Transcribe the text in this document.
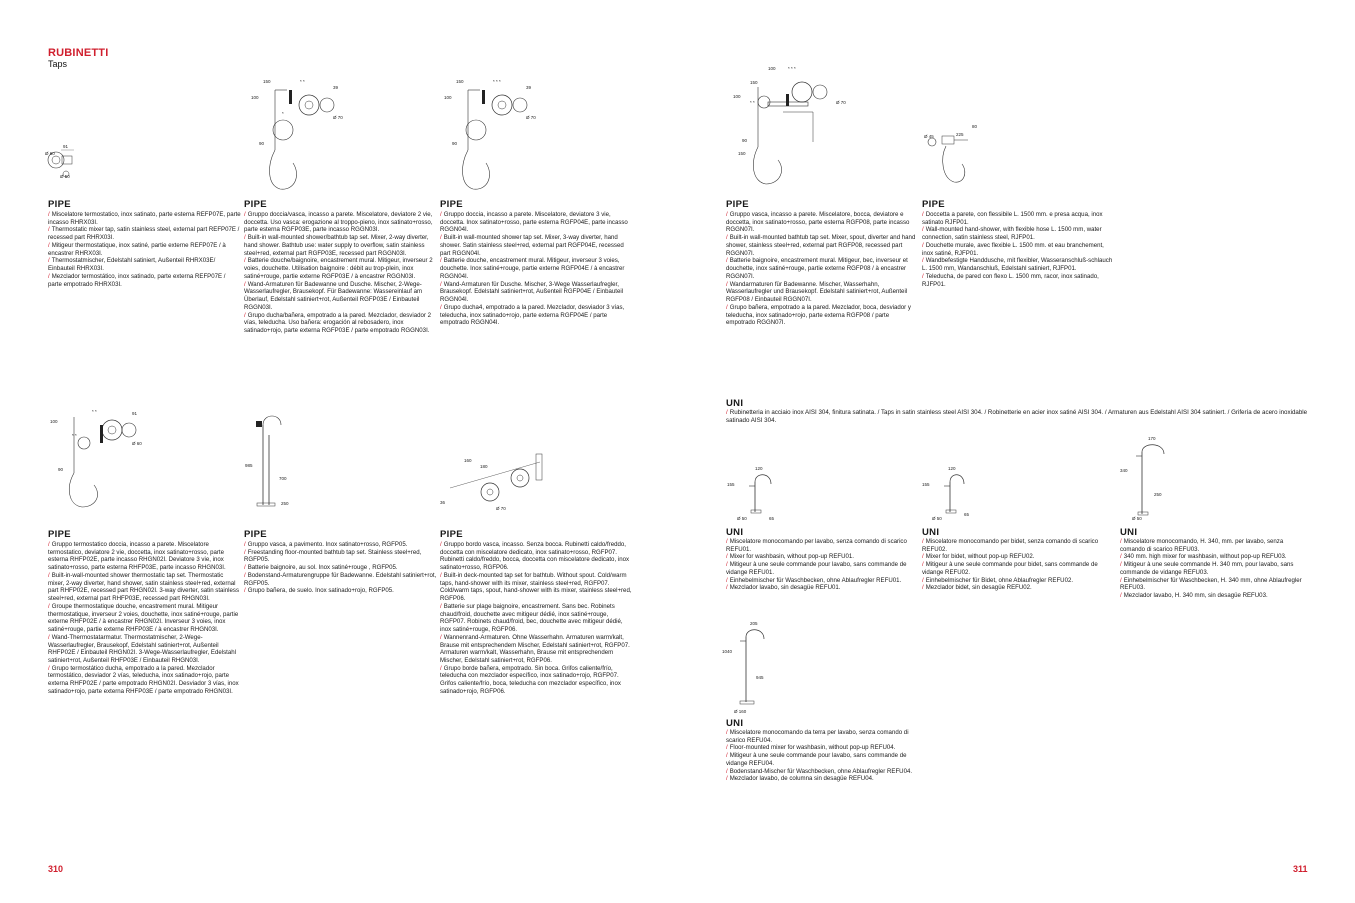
RUBINETTI
Taps
91
Ø 60
Ø 50
* *
*
100
150
39
Ø 70
90
* * *
100
150
39
Ø 70
90
* * *
* *
100
100
150
150
90
Ø 70
Ø 45
80
225
* *
* *
100
91
Ø 60
90
985
700
250
160
180
36
Ø 70
120
155
Ø 50	65
120
155
Ø 50
65
170
340
250
Ø 50
205
1040
945
Ø 160
PIPE
/ Miscelatore termostatico, inox satinato, parte esterna REFP07E, parte incasso RHRX03I.
/ Thermostatic mixer tap, satin stainless steel, external part REFP07E / recessed part RHRX03I.
/ Mitigeur thermostatique, inox satiné, partie externe REFP07E / à encastrer RHRX03I.
/ Thermostatmischer, Edelstahl satiniert, Außenteil RHRX03E/ Einbauteil RHRX03I.
/ Mezclador termostático, inox satinado, parte externa REFP07E / parte empotrado RHRX03I.
PIPE
/ Gruppo doccia/vasca, incasso a parete. Miscelatore, deviatore 2 vie, doccetta. Uso vasca: erogazione al troppo-pieno, inox satinato+rosso, parte esterna RGFP03E, parte incasso RGGN03I.
/ Built-in wall-mounted shower/bathtub tap set. Mixer, 2-way diverter, hand shower. Bathtub use: water supply to overflow, satin stainless steel+red, external part RGFP03E, recessed part RGGN03I.
/ Batterie douche/baignoire, encastrement mural. Mitigeur, inverseur 2 voies, douchette. Utilisation baignoire : débit au trop-plein, inox satiné+rouge, partie externe RGFP03E / à encastrer RGGN03I.
/ Wand-Armaturen für Badewanne und Dusche. Mischer, 2-Wege-Wasserlaufregler, Brausekopf. Für Badewanne: Wassereinlauf am Überlauf, Edelstahl satiniert+rot, Außenteil RGFP03E / Einbauteil RGGN03I.
/ Grupo ducha/bañera, empotrado a la pared. Mezclador, desviador 2 vías, teleducha. Uso bañera: erogación al rebosadero, inox satinado+rojo, parte externa RGFP03E / parte empotrado RGGN03I.
PIPE
/ Gruppo doccia, incasso a parete. Miscelatore, deviatore 3 vie, doccetta. Inox satinato+rosso, parte esterna RGFP04E, parte incasso RGGN04I.
/ Built-in wall-mounted shower tap set. Mixer, 3-way diverter, hand shower. Satin stainless steel+red, external part RGFP04E, recessed part RGGN04I.
/ Batterie douche, encastrement mural. Mitigeur, inverseur 3 voies, douchette. Inox satiné+rouge, partie externe RGFP04E / à encastrer RGGN04I.
/ Wand-Armaturen für Dusche. Mischer, 3-Wege Wasserlaufregler, Brausekopf. Edelstahl satiniert+rot, Außenteil RGFP04E / Einbauteil RGGN04I.
/ Grupo ducha4, empotrado a la pared. Mezclador, desviador 3 vías, teleducha, inox satinado+rojo, parte externa RGFP04E / parte empotrado RGGN04I.
PIPE
/ Gruppo termostatico doccia, incasso a parete. Miscelatore termostatico, deviatore 2 vie, doccetta, inox satinato+rosso, parte esterna RHFP02E, parte incasso RHGN02I. Deviatore 3 vie, inox satinato+rosso, parte esterna RHFP03E, parte incasso RHGN03I.
/ Built-in-wall-mounted shower thermostatic tap set. Thermostatic mixer, 2-way diverter, hand shower, satin stainless steel+red, external part RHFP02E, recessed part RHGN02I. 3-way diverter, satin stainless steel+red, external part RHFP03E, recessed part RHGN03I.
/ Groupe thermostatique douche, encastrement mural. Mitigeur thermostatique, inverseur 2 voies, douchette, inox satiné+rouge, partie externe RHFP02E / à encastrer RHGN02I. Inverseur 3 voies, inox satiné+rouge, partie externe RHFP03E / à encastrer RHGN03I.
/ Wand-Thermostatarmatur. Thermostatmischer, 2-Wege-Wasserlaufregler, Brausekopf, Edelstahl satiniert+rot, Außenteil RHFP02E / Einbauteil RHGN02I. 3-Wege-Wasserlaufregler, Edelstahl satiniert+rot, Außenteil RHFP03E / Einbauteil RHGN03I.
/ Grupo termostático ducha, empotrado a la pared. Mezclador termostático, desviador 2 vías, teleducha, inox satinado+rojo, parte externa RHFP02E / parte empotrado RHGN02I. Desviador 3 vías, inox satinado+rojo, parte externa RHFP03E / parte empotrado RHGN03I.
PIPE
/ Gruppo vasca, a pavimento. Inox satinato+rosso, RGFP05.
/ Freestanding floor-mounted bathtub tap set. Stainless steel+red, RGFP05.
/ Batterie baignoire, au sol. Inox satiné+rouge , RGFP05.
/ Bodenstand-Armaturengruppe für Badewanne. Edelstahl satiniert+rot, RGFP05.
/ Grupo bañera, de suelo. Inox satinado+rojo, RGFP05.
PIPE
/ Gruppo bordo vasca, incasso. Senza bocca. Rubinetti caldo/freddo, doccetta con miscelatore dedicato, inox satinato+rosso, RGFP07. Rubinetti caldo/freddo, bocca, doccetta con miscelatore dedicato, inox satinato+rosso, RGFP06.
/ Built-in deck-mounted tap set for bathtub. Without spout. Cold/warm taps, hand-shower with its mixer, stainless steel+red, RGFP07. Cold/warm taps, spout, hand-shower with its mixer, stainless steel+red, RGFP06.
/ Batterie sur plage baignoire, encastrement. Sans bec. Robinets chaud/froid, douchette avec mitigeur dédié, inox satiné+rouge, RGFP07. Robinets chaud/froid, bec, douchette avec mitigeur dédié, inox satiné+rouge, RGFP06.
/ Wannenrand-Armaturen. Ohne Wasserhahn. Armaturen warm/kalt, Brause mit entsprechendem Mischer, Edelstahl satiniert+rot, RGFP07. Armaturen warm/kalt, Wasserhahn, Brause mit entsprechendem Mischer, Edelstahl satiniert+rot, RGFP06.
/ Grupo borde bañera, empotrado. Sin boca. Grifos caliente/frío, teleducha con mezclador específico, inox satinado+rojo, RGFP07. Grifos caliente/frío, boca, teleducha con mezclador específico, inox satinado+rojo, RGFP06.
PIPE
/ Gruppo vasca, incasso a parete. Miscelatore, bocca, deviatore e doccetta, inox satinato+rosso, parte esterna RGFP08, parte incasso RGGN07I.
/ Built-in wall-mounted bathtub tap set. Mixer, spout, diverter and hand shower, stainless steel+red, external part RGFP08, recessed part RGGN07I.
/ Batterie baignoire, encastrement mural. Mitigeur, bec, inverseur et douchette, inox satiné+rouge, partie externe RGFP08 / à encastrer RGGN07I.
/ Wandarmaturen für Badewanne. Mischer, Wasserhahn, Wasserlaufregler und Brausekopf. Edelstahl satiniert+rot, Außenteil RGFP08 / Einbauteil RGGN07I.
/ Grupo bañera, empotrado a la pared. Mezclador, boca, desviador y teleducha, inox satinado+rojo, parte externa RGFP08 / parte empotrado RGGN07I.
PIPE
/ Doccetta a parete, con flessibile L. 1500 mm. e presa acqua, inox satinato RJFP01.
/ Wall-mounted hand-shower, with flexible hose L. 1500 mm, water connection, satin stainless steel, RJFP01.
/ Douchette murale, avec flexible L. 1500 mm. et eau branchement, inox satiné, RJFP01.
/ Wandbefestigte Handdusche, mit flexibler, Wasseranschluß-schlauch L. 1500 mm, Wandanschluß, Edelstahl satiniert, RJFP01.
/ Teleducha, de pared con flexo L. 1500 mm, racor, inox satinado, RJFP01.
UNI
/ Rubinetteria in acciaio inox AISI 304, finitura satinata. / Taps in satin stainless steel AISI 304. / Robinetterie en acier inox satiné AISI 304. / Armaturen aus Edelstahl AISI 304 satiniert. / Grifería de acero inoxidable satinado AISI 304.
UNI
/ Miscelatore monocomando per lavabo, senza comando di scarico REFU01.
/ Mixer for washbasin, without pop-up REFU01.
/ Mitigeur à une seule commande pour lavabo, sans commande de vidange REFU01.
/ Einhebelmischer für Waschbecken, ohne Ablaufregler REFU01.
/ Mezclador lavabo, sin desagüe REFU01.
UNI
/ Miscelatore monocomando per bidet, senza comando di scarico REFU02.
/ Mixer for bidet, without pop-up REFU02.
/ Mitigeur à une seule commande pour bidet, sans commande de vidange REFU02.
/ Einhebelmischer für Bidet, ohne Ablaufregler REFU02.
/ Mezclador bidet, sin desagüe REFU02.
UNI
/ Miscelatore monocomando, H. 340, mm. per lavabo, senza comando di scarico REFU03.
/ 340 mm. high mixer for washbasin, without pop-up REFU03.
/ Mitigeur à une seule commande H. 340 mm, pour lavabo, sans commande de vidange REFU03.
/ Einhebelmischer für Waschbecken, H. 340 mm, ohne Ablaufregler REFU03.
/ Mezclador lavabo, H. 340 mm, sin desagüe REFU03.
UNI
/ Miscelatore monocomando da terra per lavabo, senza comando di scarico REFU04.
/ Floor-mounted mixer for washbasin, without pop-up REFU04.
/ Mitigeur à une seule commande pour lavabo, sans commande de vidange REFU04.
/ Bodenstand-Mischer für Waschbecken, ohne Ablaufregler REFU04.
/ Mezclador lavabo, de columna sin desagüe REFU04.
310	311
